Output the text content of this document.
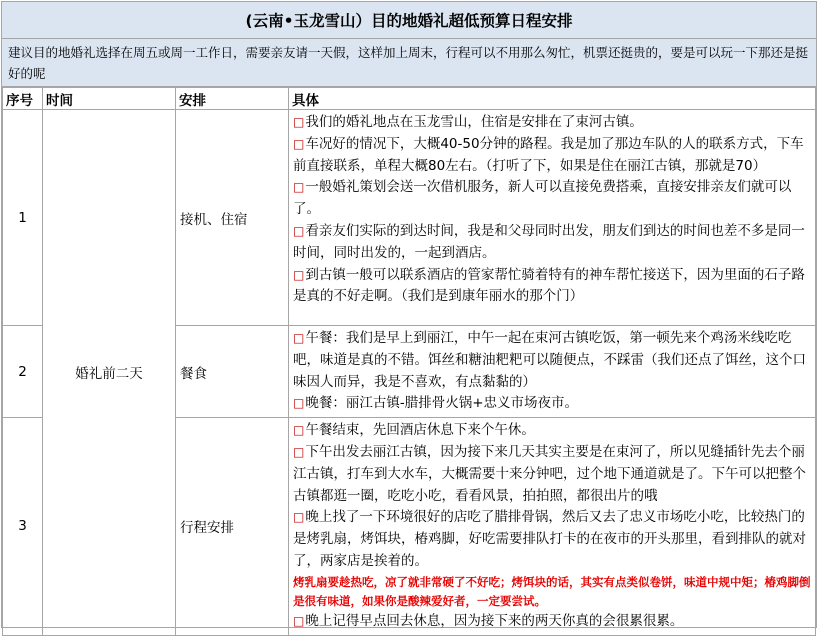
(云南•玉龙雪山）目的地婚礼超低预算日程安排
建议目的地婚礼选择在周五或周一工作日，需要亲友请一天假，这样加上周末，行程可以不用那么匆忙，机票还挺贵的，要是可以玩一下那还是挺好的呢
序号	时间	安排	具体
1	婚礼前二天	接机、住宿	□我们的婚礼地点在玉龙雪山，住宿是安排在了束河古镇。
□车况好的情况下，大概40-50分钟的路程。我是加了那边车队的人的联系方式，下车前直接联系，单程大概80左右。（打听了下，如果是住在丽江古镇，那就是70）
□一般婚礼策划会送一次借机服务，新人可以直接免费搭乘，直接安排亲友们就可以了。
□看亲友们实际的到达时间，我是和父母同时出发，朋友们到达的时间也差不多是同一时间，同时出发的，一起到酒店。
□到古镇一般可以联系酒店的管家帮忙骑着特有的神车帮忙接送下，因为里面的石子路是真的不好走啊。（我们是到康年丽水的那个门）

2		餐食	□午餐：我们是早上到丽江，中午一起在束河古镇吃饭，第一顿先来个鸡汤米线吃吃吧，味道是真的不错。饵丝和糖油粑粑可以随便点，不踩雷（我们还点了饵丝，这个口味因人而异，我是不喜欢，有点黏黏的）
□晚餐：丽江古镇-腊排骨火锅+忠义市场夜市。

3		行程安排	□午餐结束，先回酒店休息下来个午休。
□下午出发去丽江古镇，因为接下来几天其实主要是在束河了，所以见缝插针先去个丽江古镇，打车到大水车，大概需要十来分钟吧，过个地下通道就是了。下午可以把整个古镇都逛一圈，吃吃小吃，看看风景，拍拍照，都很出片的哦
□晚上找了一下环境很好的店吃了腊排骨锅，然后又去了忠义市场吃小吃，比较热门的是烤乳扇，烤饵块，椿鸡脚，好吃需要排队打卡的在夜市的开头那里，看到排队的就对了，两家店是挨着的。
烤乳扇要趁热吃，凉了就非常硬了不好吃；烤饵块的话，其实有点类似卷饼，味道中规中矩；椿鸡脚倒是很有味道，如果你是酸辣爱好者，一定要尝试。
□晚上记得早点回去休息，因为接下来的两天你真的会很累很累。
